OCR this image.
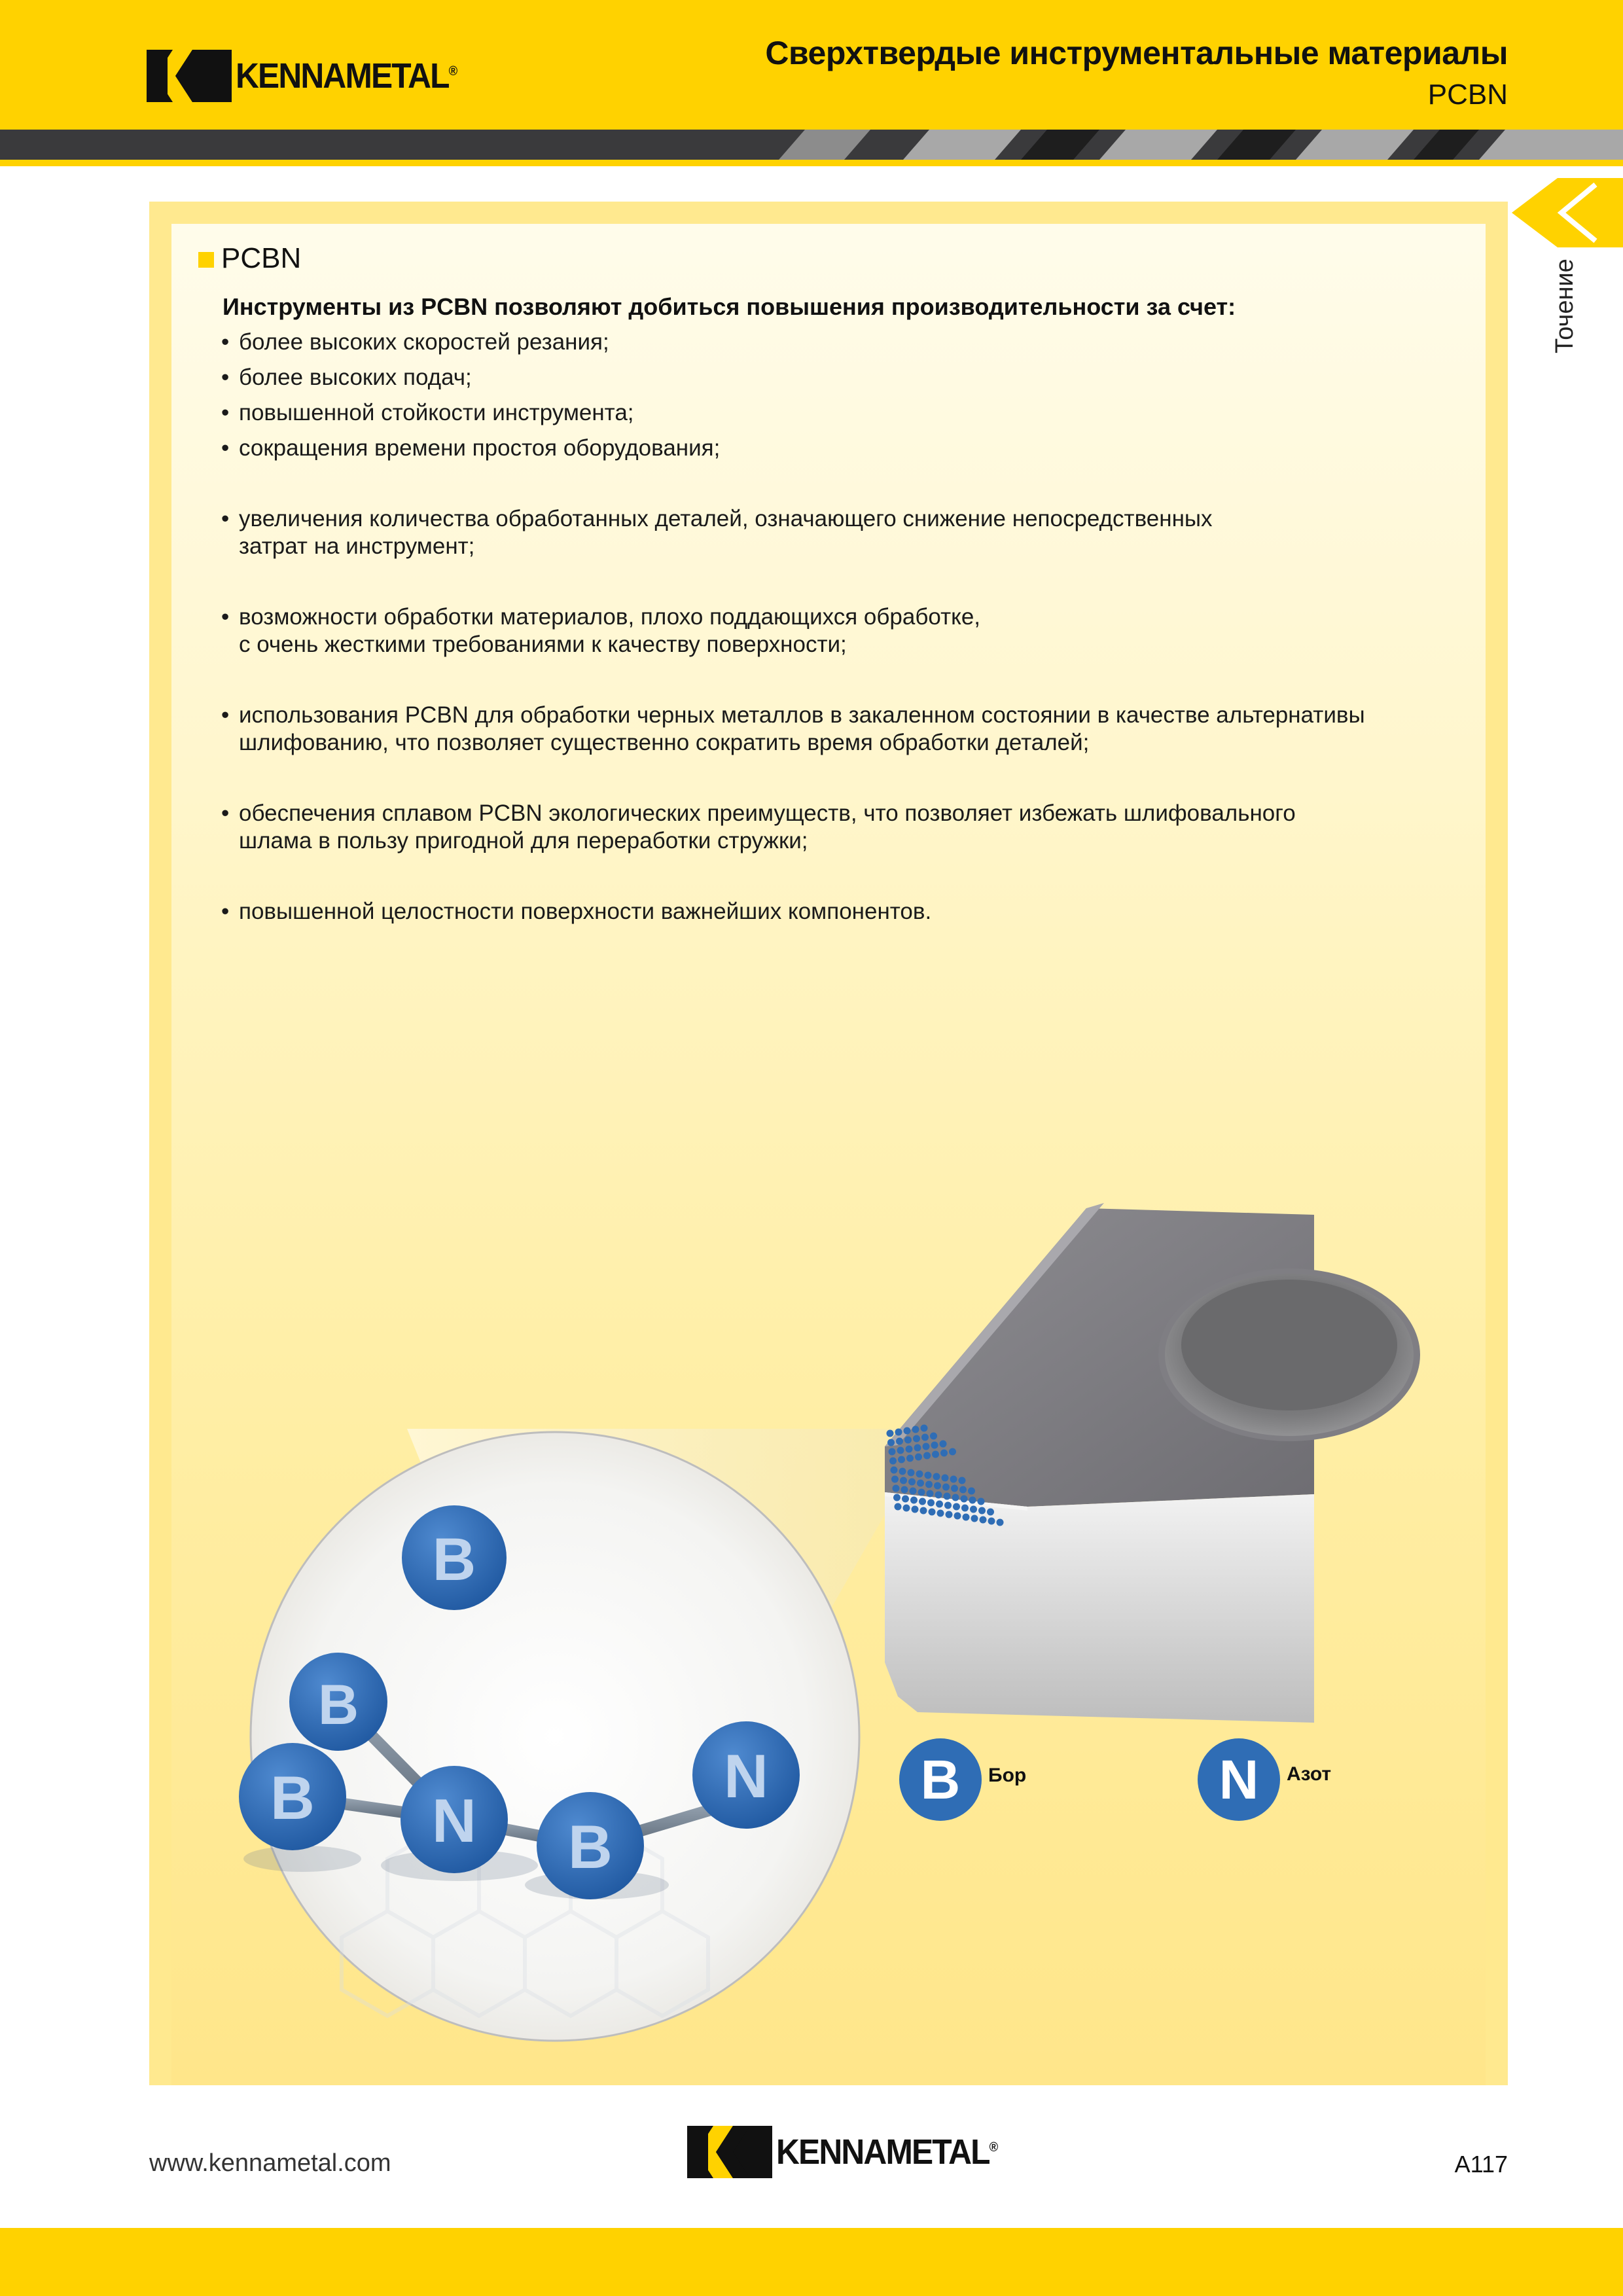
KENNAMETAL®	Сверхтвердые инструментальные материалы
PCBN
Точение
PCBN
Инструменты из PCBN позволяют добиться повышения производительности за счет:
• более высоких скоростей резания;
• более высоких подач;
• повышенной стойкости инструмента;
• сокращения времени простоя оборудования;
• увеличения количества обработанных деталей, означающего снижение непосредственных
затрат на инструмент;
• возможности обработки материалов, плохо поддающихся обработке,
с очень жесткими требованиями к качеству поверхности;
• использования PCBN для обработки черных металлов в закаленном состоянии в качестве альтернативы
шлифованию, что позволяет существенно сократить время обработки деталей;
• обеспечения сплавом PCBN экологических преимуществ, что позволяет избежать шлифовального
шлама в пользу пригодной для переработки стружки;
• повышенной целостности поверхности важнейших компонентов.
B
B
B N B
N	B	Бор	N	Азот
www.kennametal.com	KENNAMETAL®
A117
